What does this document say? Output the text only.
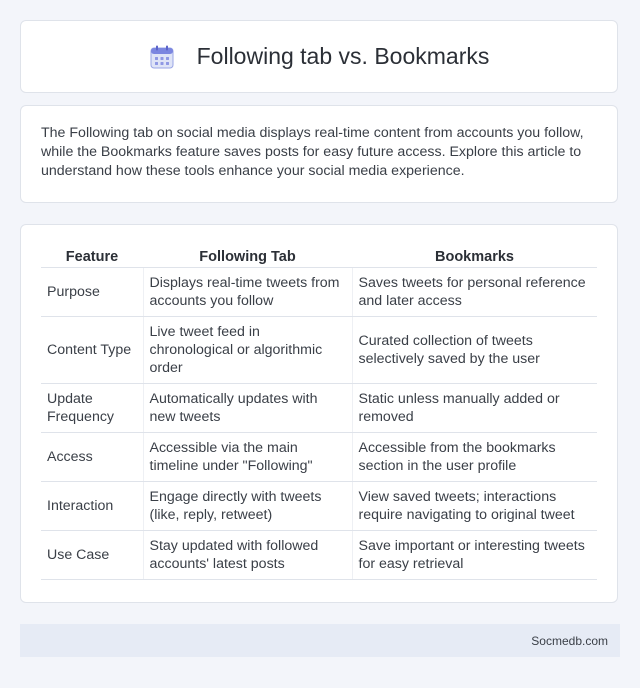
Following tab vs. Bookmarks

The Following tab on social media displays real-time content from accounts you follow, while the Bookmarks feature saves posts for easy future access. Explore this article to understand how these tools enhance your social media experience.

Feature	Following Tab	Bookmarks
Purpose	Displays real-time tweets from accounts you follow	Saves tweets for personal reference and later access
Content Type	Live tweet feed in chronological or algorithmic order	Curated collection of tweets selectively saved by the user
Update Frequency	Automatically updates with new tweets	Static unless manually added or removed
Access	Accessible via the main timeline under "Following"	Accessible from the bookmarks section in the user profile
Interaction	Engage directly with tweets (like, reply, retweet)	View saved tweets; interactions require navigating to original tweet
Use Case	Stay updated with followed accounts' latest posts	Save important or interesting tweets for easy retrieval
Socmedb.com
